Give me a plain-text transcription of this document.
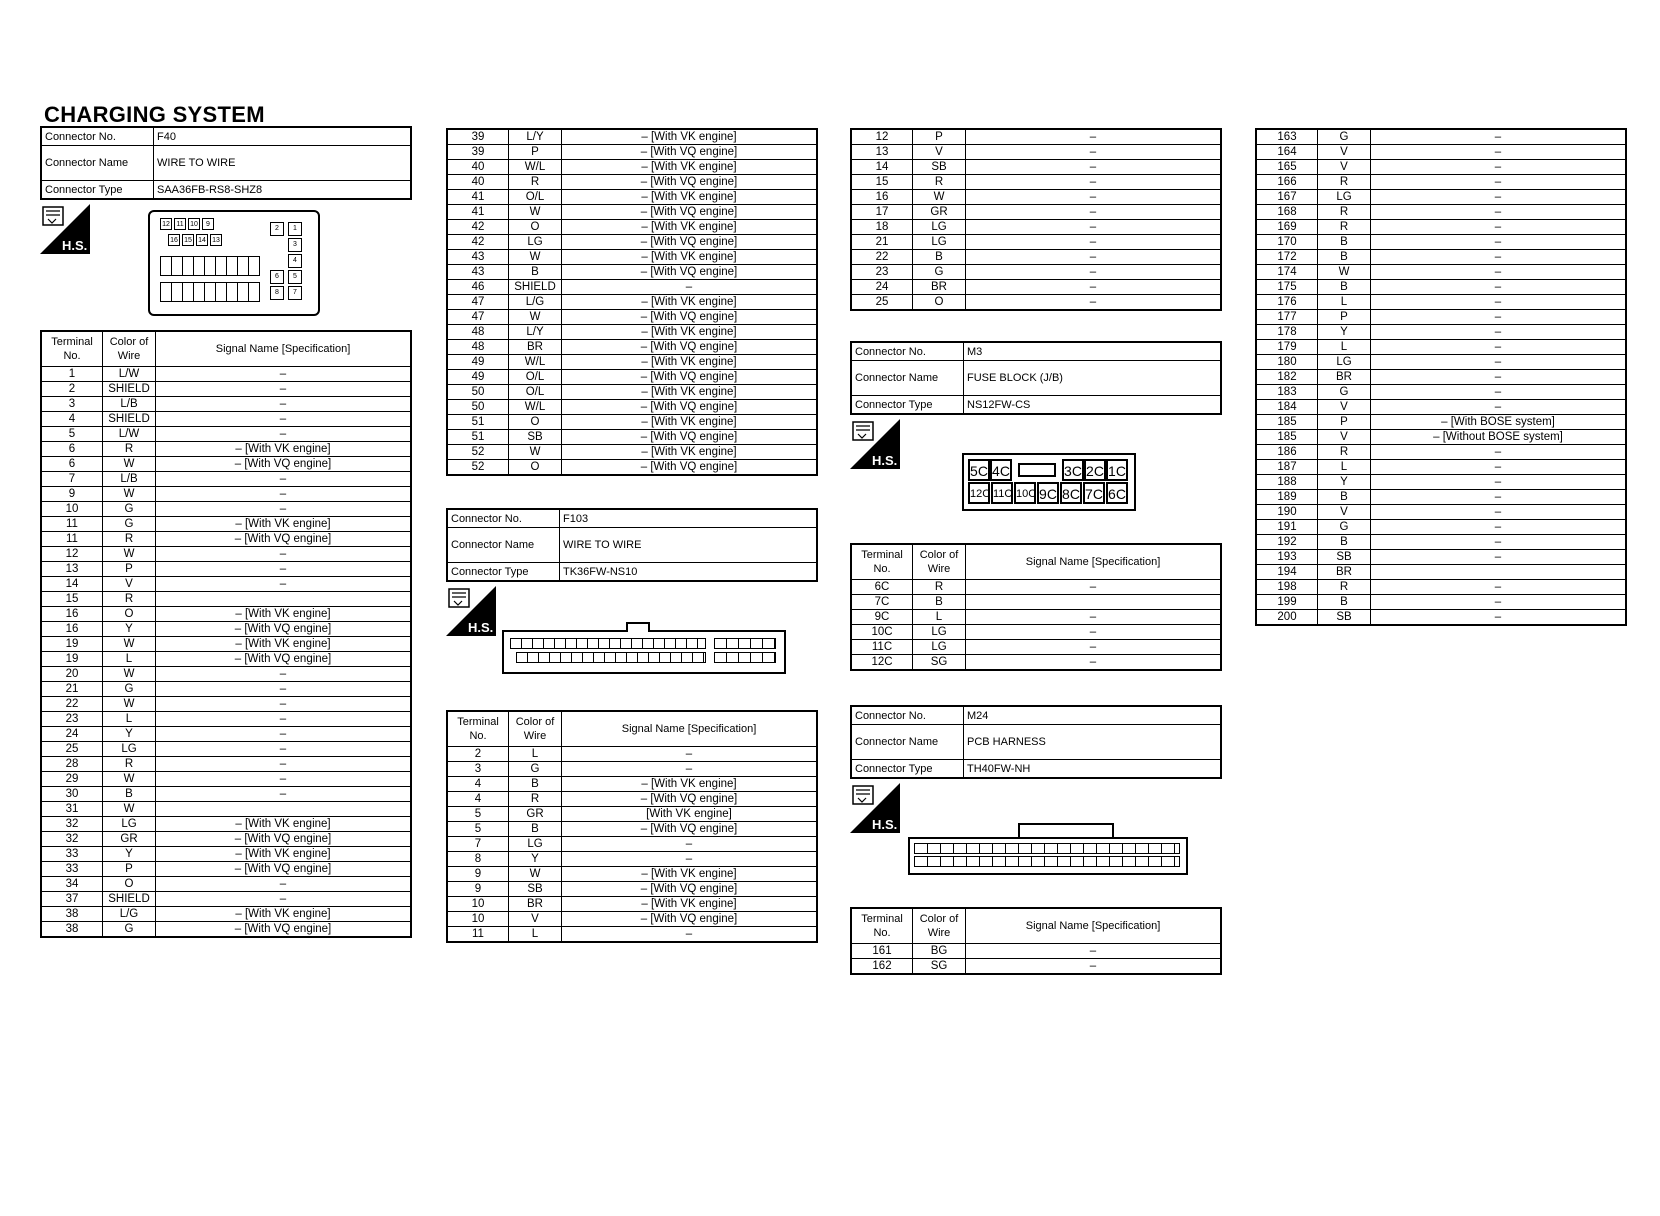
CHARGING SYSTEM
Connector No.	F40
Connector Name	WIRE TO WIRE
Connector Type	SAA36FB-RS8-SHZ8
H.S.
12 11 10	9
16 15 14 13
2	1
3
4
6	5
8	7
Terminal No.	Color of Wire	Signal Name [Specification]
1	L/W	–
2	SHIELD	–
3	L/B	–
4	SHIELD	–
5	L/W	–
6	R	– [With VK engine]
6	W	– [With VQ engine]
7	L/B	–
9	W	–
10	G	–
11	G	– [With VK engine]
11	R	– [With VQ engine]
12	W	–
13	P	–
14	V	–
15	R	
16	O	– [With VK engine]
16	Y	– [With VQ engine]
19	W	– [With VK engine]
19	L	– [With VQ engine]
20	W	–
21	G	–
22	W	–
23	L	–
24	Y	–
25	LG	–
28	R	–
29	W	–
30	B	–
31	W	
32	LG	– [With VK engine]
32	GR	– [With VQ engine]
33	Y	– [With VK engine]
33	P	– [With VQ engine]
34	O	–
37	SHIELD	–
38	L/G	– [With VK engine]
38	G	– [With VQ engine]
39	L/Y	– [With VK engine]
39	P	– [With VQ engine]
40	W/L	– [With VK engine]
40	R	– [With VQ engine]
41	O/L	– [With VK engine]
41	W	– [With VQ engine]
42	O	– [With VK engine]
42	LG	– [With VQ engine]
43	W	– [With VK engine]
43	B	– [With VQ engine]
46	SHIELD	–
47	L/G	– [With VK engine]
47	W	– [With VQ engine]
48	L/Y	– [With VK engine]
48	BR	– [With VQ engine]
49	W/L	– [With VK engine]
49	O/L	– [With VQ engine]
50	O/L	– [With VK engine]
50	W/L	– [With VQ engine]
51	O	– [With VK engine]
51	SB	– [With VQ engine]
52	W	– [With VK engine]
52	O	– [With VQ engine]
Connector No.	F103
Connector Name	WIRE TO WIRE
Connector Type	TK36FW-NS10
H.S.
Terminal No.	Color of Wire	Signal Name [Specification]
2	L	–
3	G	–
4	B	– [With VK engine]
4	R	– [With VQ engine]
5	GR	[With VK engine]
5	B	– [With VQ engine]
7	LG	–
8	Y	–
9	W	– [With VK engine]
9	SB	– [With VQ engine]
10	BR	– [With VK engine]
10	V	– [With VQ engine]
11	L	–
12	P	–
13	V	–
14	SB	–
15	R	–
16	W	–
17	GR	–
18	LG	–
21	LG	–
22	B	–
23	G	–
24	BR	–
25	O	–
Connector No.	M3
Connector Name	FUSE BLOCK (J/B)
Connector Type	NS12FW-CS
H.S.
5C 4C	3C 2C 1C
12C 11C 10C 9C 8C 7C 6C
Terminal No.	Color of Wire	Signal Name [Specification]
6C	R	–
7C	B	
9C	L	–
10C	LG	–
11C	LG	–
12C	SG	–
Connector No.	M24
Connector Name	PCB HARNESS
Connector Type	TH40FW-NH
H.S.
Terminal No.	Color of Wire	Signal Name [Specification]
161	BG	–
162	SG	–
163	G	–
164	V	–
165	V	–
166	R	–
167	LG	–
168	R	–
169	R	–
170	B	–
172	B	–
174	W	–
175	B	–
176	L	–
177	P	–
178	Y	–
179	L	–
180	LG	–
182	BR	–
183	G	–
184	V	–
185	P	– [With BOSE system]
185	V	– [Without BOSE system]
186	R	–
187	L	–
188	Y	–
189	B	–
190	V	–
191	G	–
192	B	–
193	SB	–
194	BR	
198	R	–
199	B	–
200	SB	–
